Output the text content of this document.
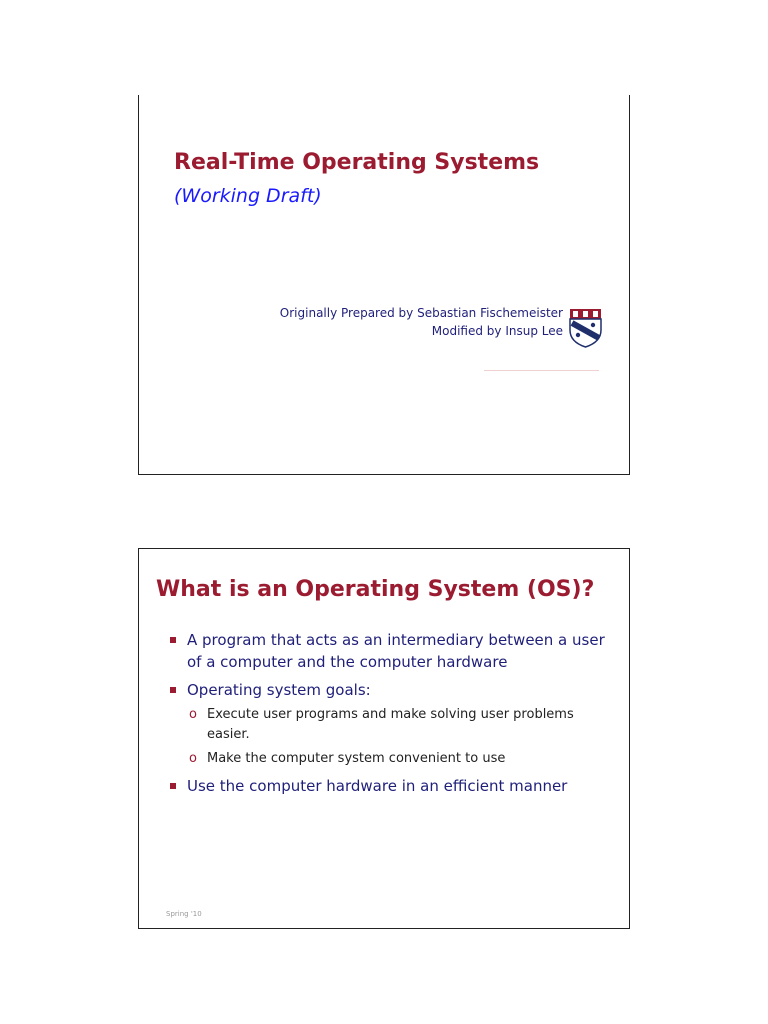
Real-Time Operating Systems
(Working Draft)
Originally Prepared by Sebastian Fischemeister
Modified by Insup Lee
What is an Operating System (OS)?
A program that acts as an intermediary between a user of a computer and the computer hardware
Operating system goals:
o Execute user programs and make solving user problems easier.
o Make the computer system convenient to use
Use the computer hardware in an efficient manner
Spring '10
